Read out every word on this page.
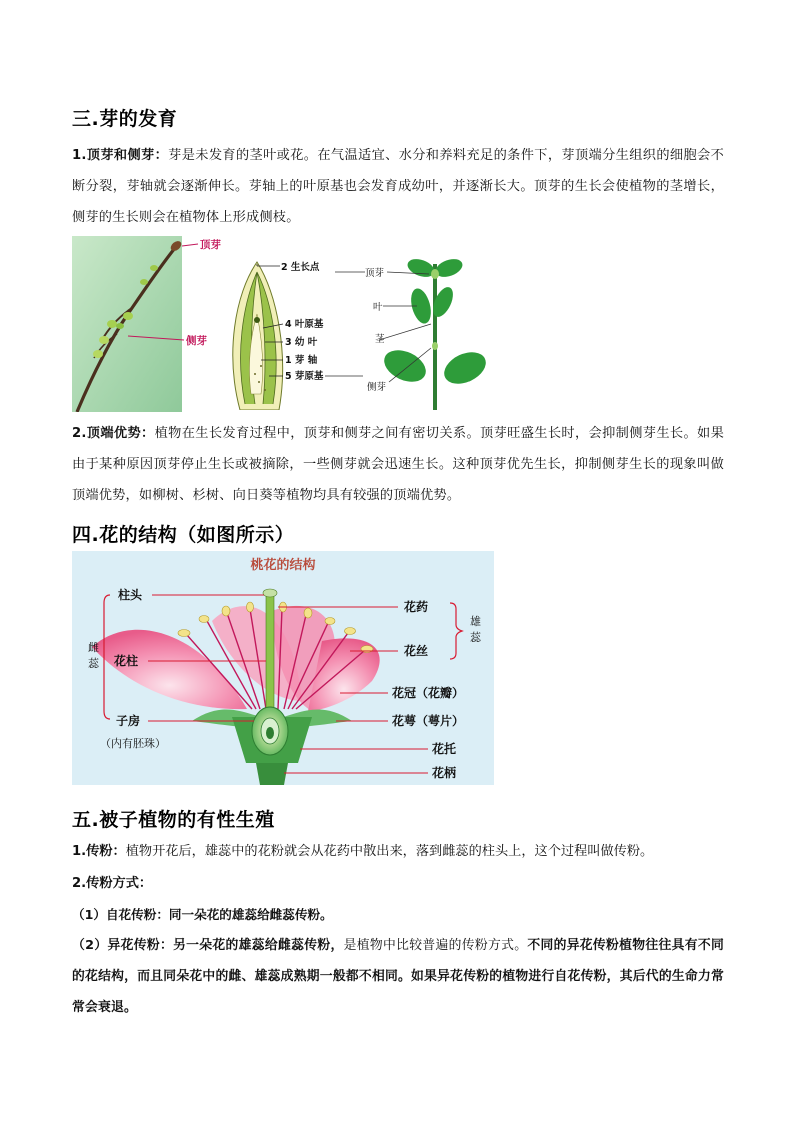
三.芽的发育

1.顶芽和侧芽：芽是未发育的茎叶或花。在气温适宜、水分和养料充足的条件下，芽顶端分生组织的细胞会不断分裂，芽轴就会逐渐伸长。芽轴上的叶原基也会发育成幼叶，并逐渐长大。顶芽的生长会使植物的茎增长，侧芽的生长则会在植物体上形成侧枝。

顶芽
侧芽
2 生长点
4 叶原基
3 幼 叶
1 芽 轴
5 芽原基
顶芽
叶
茎
侧芽

2.顶端优势：植物在生长发育过程中，顶芽和侧芽之间有密切关系。顶芽旺盛生长时，会抑制侧芽生长。如果由于某种原因顶芽停止生长或被摘除，一些侧芽就会迅速生长。这种顶芽优先生长，抑制侧芽生长的现象叫做顶端优势，如柳树、杉树、向日葵等植物均具有较强的顶端优势。

四.花的结构（如图所示）
桃花的结构
雌
蕊
柱头
花柱
子房
（内有胚珠）
花药
花丝
花冠（花瓣）
花萼（萼片）
花托
花柄
雄
蕊
五.被子植物的有性生殖

1.传粉：植物开花后，雄蕊中的花粉就会从花药中散出来，落到雌蕊的柱头上，这个过程叫做传粉。

2.传粉方式：

（1）自花传粉：同一朵花的雄蕊给雌蕊传粉。

（2）异花传粉：另一朵花的雄蕊给雌蕊传粉，是植物中比较普遍的传粉方式。不同的异花传粉植物往往具有不同的花结构，而且同朵花中的雌、雄蕊成熟期一般都不相同。如果异花传粉的植物进行自花传粉，其后代的生命力常常会衰退。
